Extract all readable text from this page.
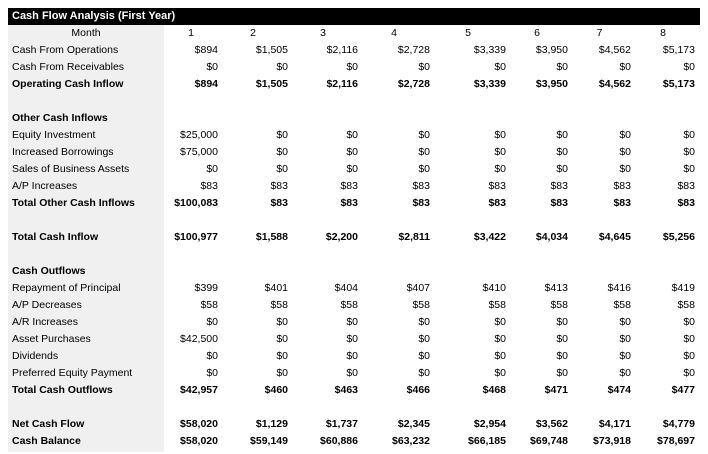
Cash Flow Analysis (First Year)
Month	1	2	3	4	5	6	7	8
Cash From Operations	$894	$1,505	$2,116	$2,728	$3,339	$3,950	$4,562	$5,173
Cash From Receivables	$0	$0	$0	$0	$0	$0	$0	$0
Operating Cash Inflow	$894	$1,505	$2,116	$2,728	$3,339	$3,950	$4,562	$5,173
Other Cash Inflows
Equity Investment	$25,000	$0	$0	$0	$0	$0	$0	$0
Increased Borrowings	$75,000	$0	$0	$0	$0	$0	$0	$0
Sales of Business Assets	$0	$0	$0	$0	$0	$0	$0	$0
A/P Increases	$83	$83	$83	$83	$83	$83	$83	$83
Total Other Cash Inflows	$100,083	$83	$83	$83	$83	$83	$83	$83
Total Cash Inflow	$100,977	$1,588	$2,200	$2,811	$3,422	$4,034	$4,645	$5,256
Cash Outflows
Repayment of Principal	$399	$401	$404	$407	$410	$413	$416	$419
A/P Decreases	$58	$58	$58	$58	$58	$58	$58	$58
A/R Increases	$0	$0	$0	$0	$0	$0	$0	$0
Asset Purchases	$42,500	$0	$0	$0	$0	$0	$0	$0
Dividends	$0	$0	$0	$0	$0	$0	$0	$0
Preferred Equity Payment	$0	$0	$0	$0	$0	$0	$0	$0
Total Cash Outflows	$42,957	$460	$463	$466	$468	$471	$474	$477
Net Cash Flow	$58,020	$1,129	$1,737	$2,345	$2,954	$3,562	$4,171	$4,779
Cash Balance	$58,020	$59,149	$60,886	$63,232	$66,185	$69,748	$73,918	$78,697
